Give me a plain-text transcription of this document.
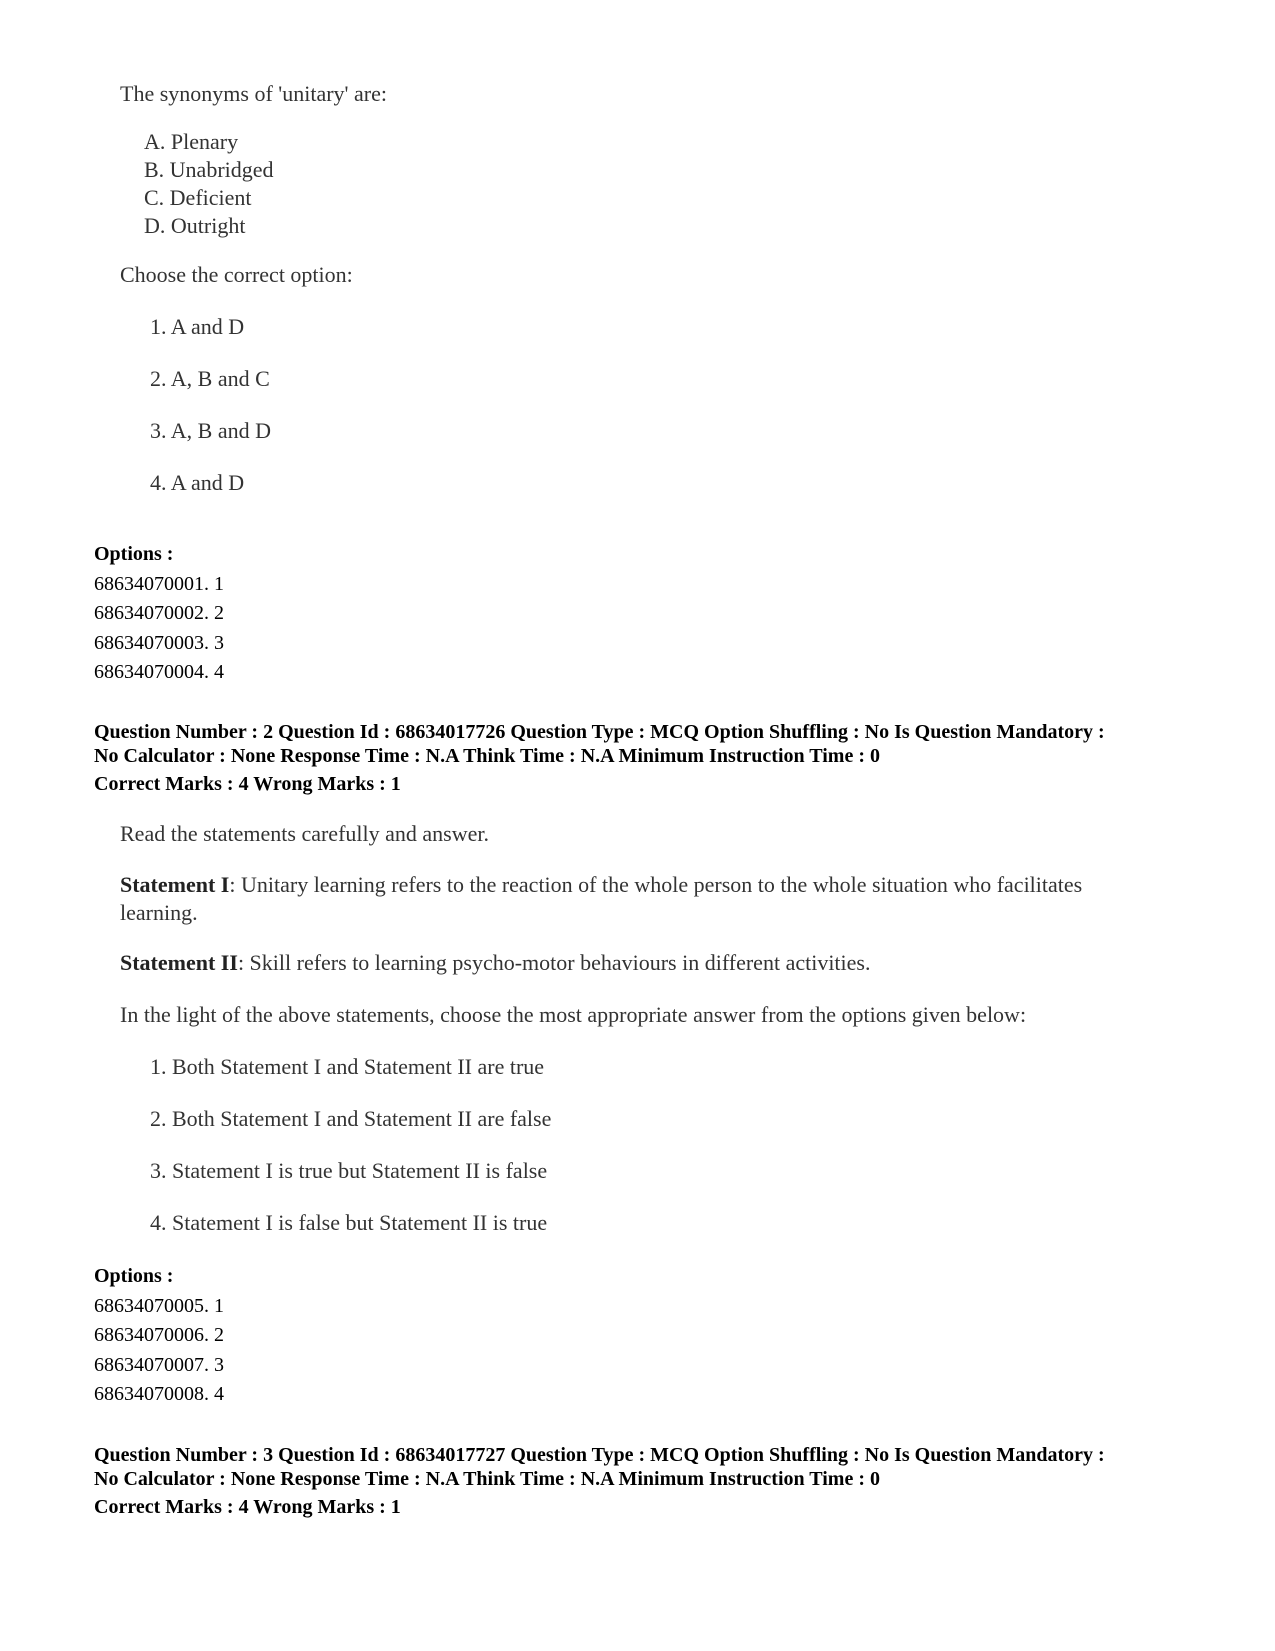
The synonyms of 'unitary' are:
A. Plenary
B. Unabridged
C. Deficient
D. Outright
Choose the correct option:
1. A and D
2. A, B and C
3. A, B and D
4. A and D
Options :
68634070001. 1
68634070002. 2
68634070003. 3
68634070004. 4
Question Number : 2 Question Id : 68634017726 Question Type : MCQ Option Shuffling : No Is Question Mandatory :
No Calculator : None Response Time : N.A Think Time : N.A Minimum Instruction Time : 0
Correct Marks : 4 Wrong Marks : 1
Read the statements carefully and answer.
Statement I: Unitary learning refers to the reaction of the whole person to the whole situation who facilitates
learning.
Statement II: Skill refers to learning psycho-motor behaviours in different activities.
In the light of the above statements, choose the most appropriate answer from the options given below:
1. Both Statement I and Statement II are true
2. Both Statement I and Statement II are false
3. Statement I is true but Statement II is false
4. Statement I is false but Statement II is true
Options :
68634070005. 1
68634070006. 2
68634070007. 3
68634070008. 4
Question Number : 3 Question Id : 68634017727 Question Type : MCQ Option Shuffling : No Is Question Mandatory :
No Calculator : None Response Time : N.A Think Time : N.A Minimum Instruction Time : 0
Correct Marks : 4 Wrong Marks : 1
